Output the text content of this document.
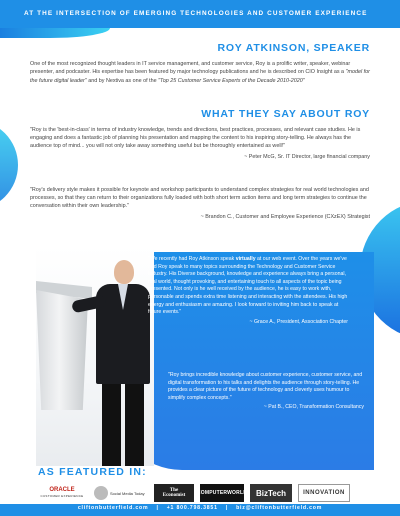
AT THE INTERSECTION OF EMERGING TECHNOLOGIES AND CUSTOMER EXPERIENCE
ROY ATKINSON, SPEAKER

One of the most recognized thought leaders in IT service management, and customer service, Roy is a prolific writer, speaker, webinar presenter, and podcaster. His expertise has been featured by major technology publications and he is described on CIO Insight as a "model for the future digital leader" and by Nextiva as one of the "Top 25 Customer Service Experts of the Decade 2010-2020"

WHAT THEY SAY ABOUT ROY
"Roy is the 'best-in-class' in terms of industry knowledge, trends and directions, best practices, processes, and relevant case studies. He is engaging and does a fantastic job of planning his presentation and mapping the content to his inspiring story-telling. He always has the audience top of mind... you will not only take away something useful but be thoroughly entertained as well!"
~ Peter McG, Sr. IT Director, large financial company
"Roy's delivery style makes it possible for keynote and workshop participants to understand complex strategies for real world technologies and processes, so that they can return to their organizations fully loaded with both short term action items and long term strategies to continue the conversation within their own leadership."
~ Brandon C., Customer and Employee Experience (CXzEX) Strategist
"We recently had Roy Atkinson speak virtually at our web event. Over the years we've had Roy speak to many topics surrounding the Technology and Customer Service Industry. His Diverse background, knowledge and experience always bring a personal, real world, thought provoking, and entertaining touch to all aspects of the topic being presented. Not only is he well received by the audience, he is easy to work with, personable and spends extra time listening and interacting with the attendees. His high energy and enthusiasm are amazing. I look forward to inviting him back to speak at future events."
~ Grace A., President, Association Chapter
"Roy brings incredible knowledge about customer experience, customer service, and digital transformation to his talks and delights the audience through story-telling. He provides a clear picture of the future of technology and cleverly uses humour to simplify complex concepts."
~ Pat B., CEO, Transformation Consultancy
AS FEATURED IN:
ORACLE
CUSTOMER EXPERIENCE
Social Media Today	The
Economist COMPUTERWORLD	BizTech	INNOVATION
cliftonbutterfield.com | +1 800.798.3851 | biz@cliftonbutterfield.com
